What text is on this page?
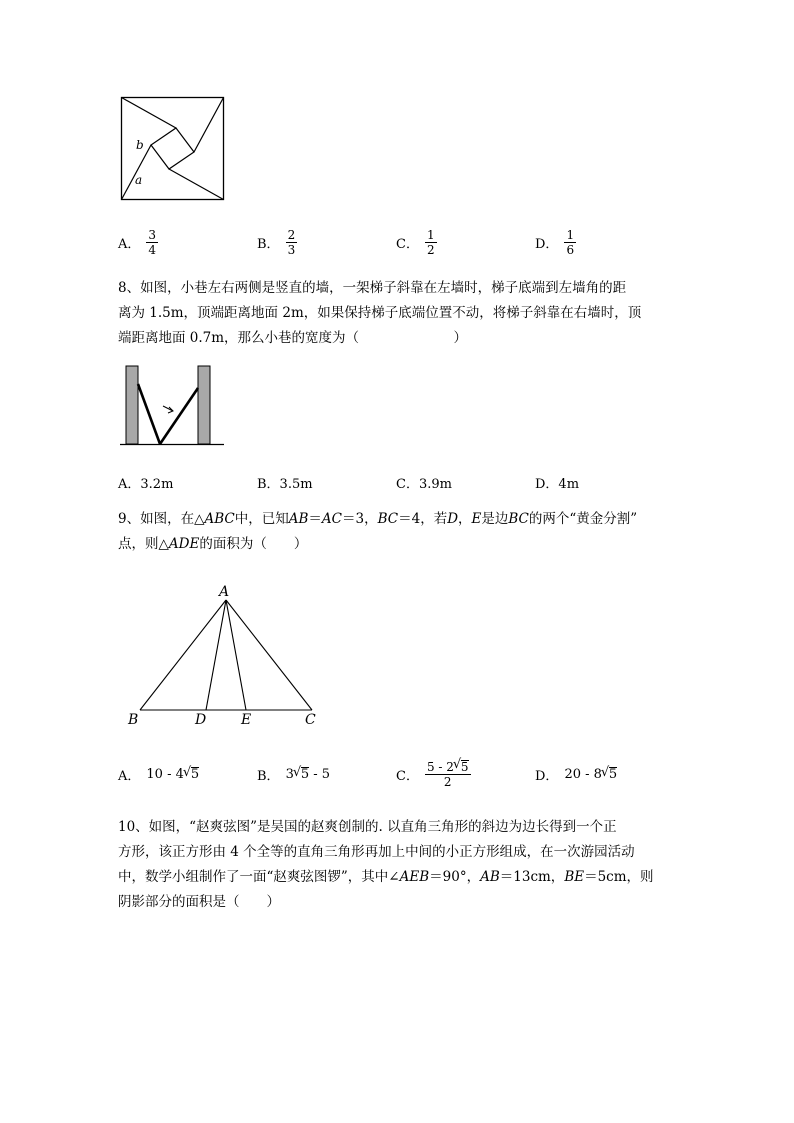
b
a
A． $\frac{3}{4}$	B． $\frac{2}{3}$	C． $\frac{1}{2}$	D． $\frac{1}{6}$
8、如图，小巷左右两侧是竖直的墙，一架梯子斜靠在左墙时，梯子底端到左墙角的距
离为 1.5m，顶端距离地面 2m，如果保持梯子底端位置不动，将梯子斜靠在右墙时，顶
端距离地面 0.7m，那么小巷的宽度为（　　　　　　　）
A．3.2m	B．3.5m	C．3.9m	D．4m
9、如图，在△ABC中，已知AB＝AC＝3，BC＝4，若D，E是边BC的两个“黄金分割”
点，则△ADE的面积为（　　）
A
B	D E	C
A． 10 - 4 √ 5	B． 3 √ 5 - 5	C． $\frac{5 - 2 √ 5}{2}$	D． 20 - 8 √ 5
10、如图，“赵爽弦图”是吴国的赵爽创制的. 以直角三角形的斜边为边长得到一个正
方形，该正方形由 4 个全等的直角三角形再加上中间的小正方形组成，在一次游园活动
中，数学小组制作了一面“赵爽弦图锣”，其中∠AEB＝90°，AB＝13cm，BE＝5cm，则
阴影部分的面积是（　　）
